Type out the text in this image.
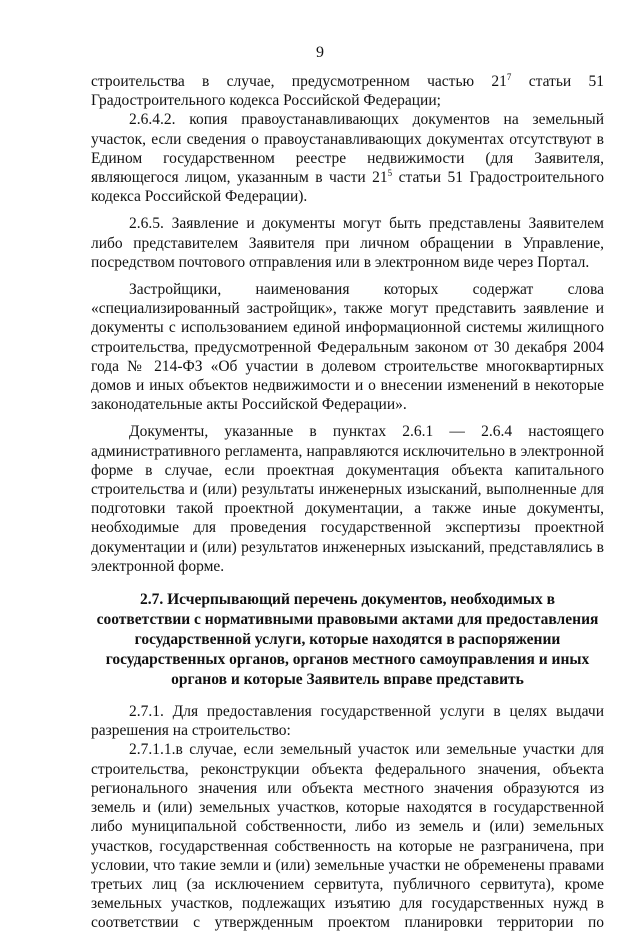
9

строительства в случае, предусмотренном частью $21^7$ статьи 51 Градостроительного кодекса Российской Федерации;

2.6.4.2. копия правоустанавливающих документов на земельный участок, если сведения о правоустанавливающих документах отсутствуют в Едином государственном реестре недвижимости (для Заявителя, являющегося лицом, указанным в части $21^5$ статьи 51 Градостроительного кодекса Российской Федерации).

2.6.5. Заявление и документы могут быть представлены Заявителем либо представителем Заявителя при личном обращении в Управление, посредством почтового отправления или в электронном виде через Портал.

Застройщики, наименования которых содержат слова «специализированный застройщик», также могут представить заявление и документы с использованием единой информационной системы жилищного строительства, предусмотренной Федеральным законом от 30 декабря 2004 года № 214-ФЗ «Об участии в долевом строительстве многоквартирных домов и иных объектов недвижимости и о внесении изменений в некоторые законодательные акты Российской Федерации».

Документы, указанные в пунктах 2.6.1 — 2.6.4 настоящего административного регламента, направляются исключительно в электронной форме в случае, если проектная документация объекта капитального строительства и (или) результаты инженерных изысканий, выполненные для подготовки такой проектной документации, а также иные документы, необходимые для проведения государственной экспертизы проектной документации и (или) результатов инженерных изысканий, представлялись в электронной форме.

2.7. Исчерпывающий перечень документов, необходимых в соответствии с нормативными правовыми актами для предоставления государственной услуги, которые находятся в распоряжении государственных органов, органов местного самоуправления и иных органов и которые Заявитель вправе представить

2.7.1. Для предоставления государственной услуги в целях выдачи разрешения на строительство:

2.7.1.1.в случае, если земельный участок или земельные участки для строительства, реконструкции объекта федерального значения, объекта регионального значения или объекта местного значения образуются из земель и (или) земельных участков, которые находятся в государственной либо муниципальной собственности, либо из земель и (или) земельных участков, государственная собственность на которые не разграничена, при условии, что такие земли и (или) земельные участки не обременены правами третьих лиц (за исключением сервитута, публичного сервитута), кроме земельных участков, подлежащих изъятию для государственных нужд в соответствии с утвержденным проектом планировки территории по
